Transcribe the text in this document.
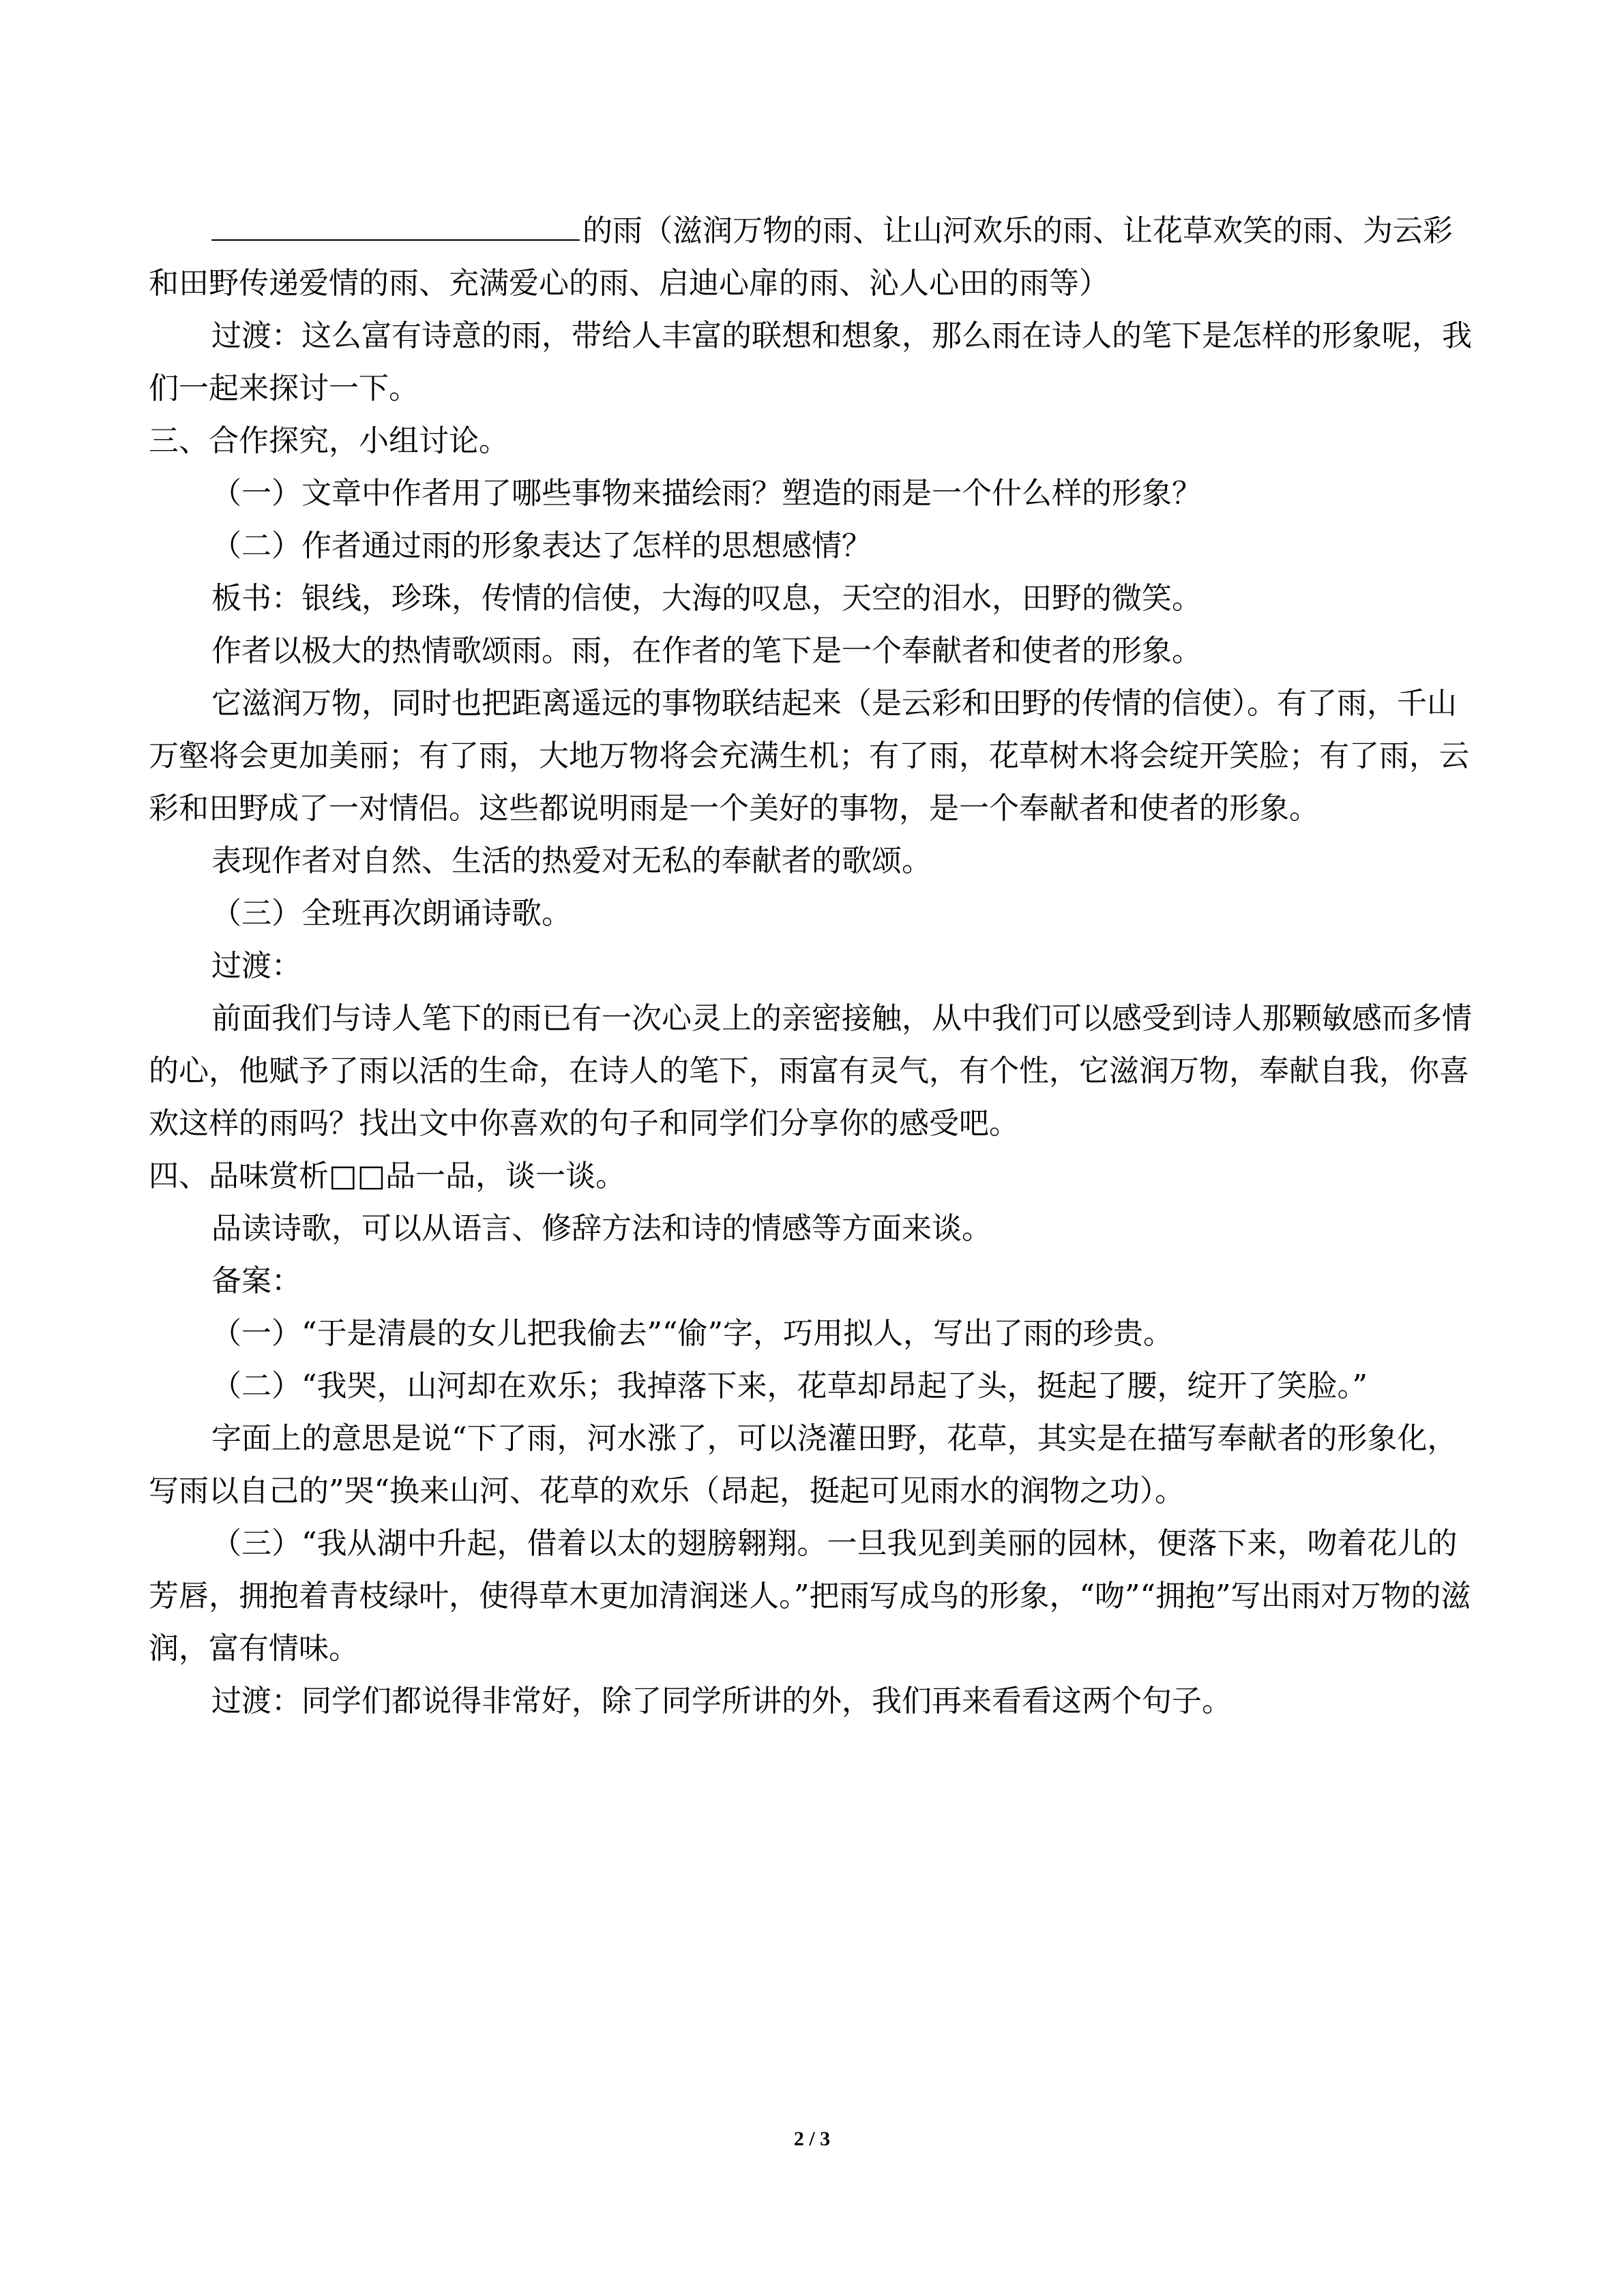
的雨（滋润万物的雨、让山河欢乐的雨、让花草欢笑的雨、为云彩和田野传递爱情的雨、充满爱心的雨、启迪心扉的雨、沁人心田的雨等）

过渡：这么富有诗意的雨，带给人丰富的联想和想象，那么雨在诗人的笔下是怎样的形象呢，我们一起来探讨一下。

三、合作探究，小组讨论。

（一）文章中作者用了哪些事物来描绘雨？塑造的雨是一个什么样的形象？

（二）作者通过雨的形象表达了怎样的思想感情？

板书：银线，珍珠，传情的信使，大海的叹息，天空的泪水，田野的微笑。

作者以极大的热情歌颂雨。雨，在作者的笔下是一个奉献者和使者的形象。

它滋润万物，同时也把距离遥远的事物联结起来（是云彩和田野的传情的信使）。有了雨，千山万壑将会更加美丽；有了雨，大地万物将会充满生机；有了雨，花草树木将会绽开笑脸；有了雨，云彩和田野成了一对情侣。这些都说明雨是一个美好的事物，是一个奉献者和使者的形象。

表现作者对自然、生活的热爱对无私的奉献者的歌颂。

（三）全班再次朗诵诗歌。

过渡：

前面我们与诗人笔下的雨已有一次心灵上的亲密接触，从中我们可以感受到诗人那颗敏感而多情的心，他赋予了雨以活的生命，在诗人的笔下，雨富有灵气，有个性，它滋润万物，奉献自我，你喜欢这样的雨吗？找出文中你喜欢的句子和同学们分享你的感受吧。

四、品味赏析□□品一品，谈一谈。

品读诗歌，可以从语言、修辞方法和诗的情感等方面来谈。

备案：

（一）“于是清晨的女儿把我偷去”“偷”字，巧用拟人，写出了雨的珍贵。

（二）“我哭，山河却在欢乐；我掉落下来，花草却昂起了头，挺起了腰，绽开了笑脸。”

字面上的意思是说“下了雨，河水涨了，可以浇灌田野，花草，其实是在描写奉献者的形象化，写雨以自己的”哭“换来山河、花草的欢乐（昂起，挺起可见雨水的润物之功）。

（三）“我从湖中升起，借着以太的翅膀翱翔。一旦我见到美丽的园林，便落下来，吻着花儿的芳唇，拥抱着青枝绿叶，使得草木更加清润迷人。”把雨写成鸟的形象，“吻”“拥抱”写出雨对万物的滋润，富有情味。

过渡：同学们都说得非常好，除了同学所讲的外，我们再来看看这两个句子。

2 / 3
